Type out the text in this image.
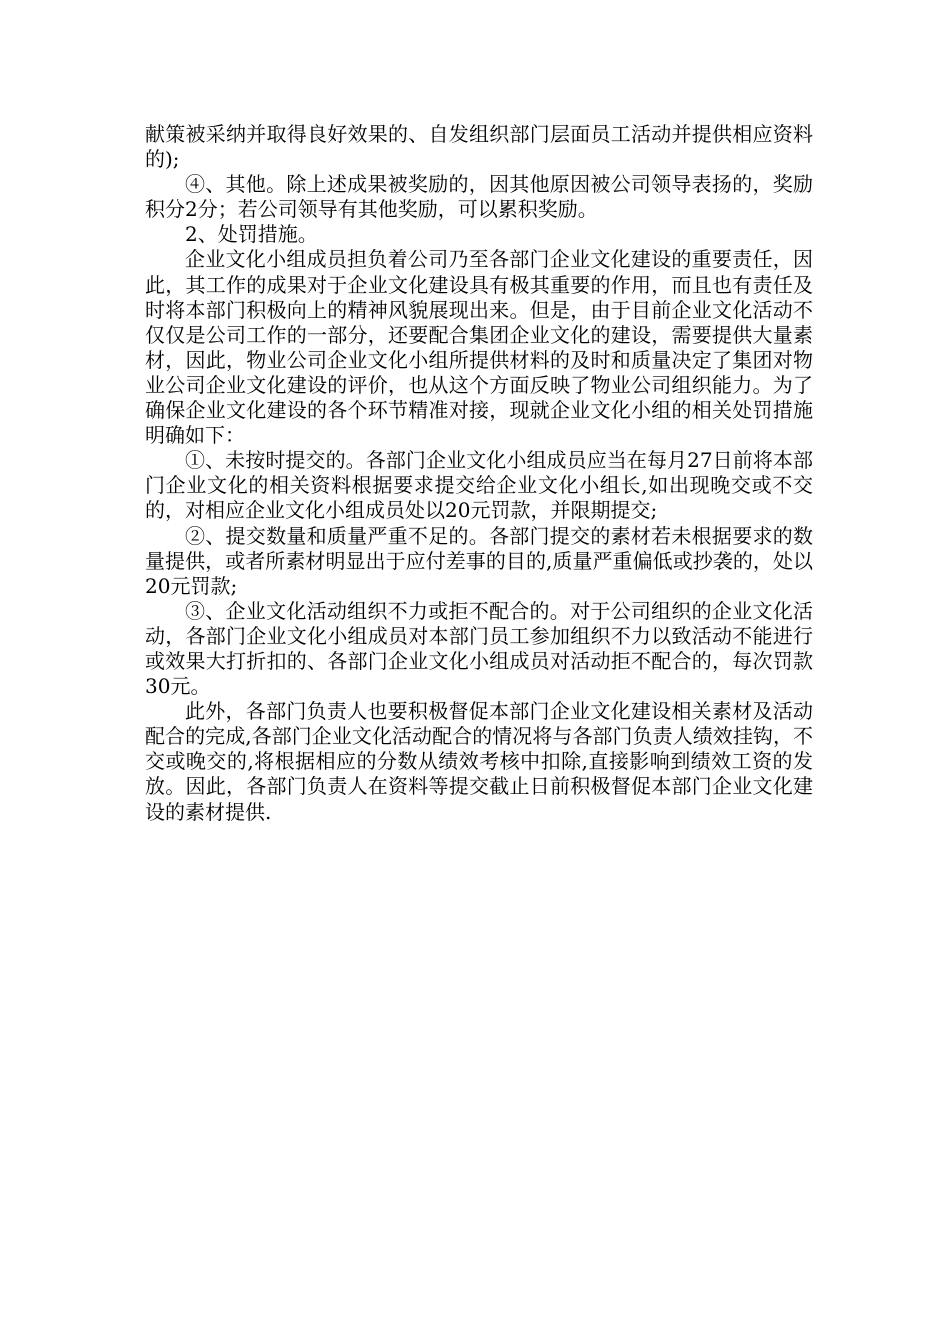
献策被采纳并取得良好效果的、自发组织部门层面员工活动并提供相应资料的);

④、其他。除上述成果被奖励的，因其他原因被公司领导表扬的，奖励积分2分；若公司领导有其他奖励，可以累积奖励。

2、处罚措施。

企业文化小组成员担负着公司乃至各部门企业文化建设的重要责任，因此，其工作的成果对于企业文化建设具有极其重要的作用，而且也有责任及时将本部门积极向上的精神风貌展现出来。但是，由于目前企业文化活动不仅仅是公司工作的一部分，还要配合集团企业文化的建设，需要提供大量素材，因此，物业公司企业文化小组所提供材料的及时和质量决定了集团对物业公司企业文化建设的评价，也从这个方面反映了物业公司组织能力。为了确保企业文化建设的各个环节精准对接，现就企业文化小组的相关处罚措施明确如下：

①、未按时提交的。各部门企业文化小组成员应当在每月27日前将本部门企业文化的相关资料根据要求提交给企业文化小组长,如出现晚交或不交的，对相应企业文化小组成员处以20元罚款，并限期提交;

②、提交数量和质量严重不足的。各部门提交的素材若未根据要求的数量提供，或者所素材明显出于应付差事的目的,质量严重偏低或抄袭的，处以20元罚款;

③、企业文化活动组织不力或拒不配合的。对于公司组织的企业文化活动，各部门企业文化小组成员对本部门员工参加组织不力以致活动不能进行或效果大打折扣的、各部门企业文化小组成员对活动拒不配合的，每次罚款30元。

此外，各部门负责人也要积极督促本部门企业文化建设相关素材及活动配合的完成,各部门企业文化活动配合的情况将与各部门负责人绩效挂钩，不交或晚交的,将根据相应的分数从绩效考核中扣除,直接影响到绩效工资的发放。因此，各部门负责人在资料等提交截止日前积极督促本部门企业文化建设的素材提供.
